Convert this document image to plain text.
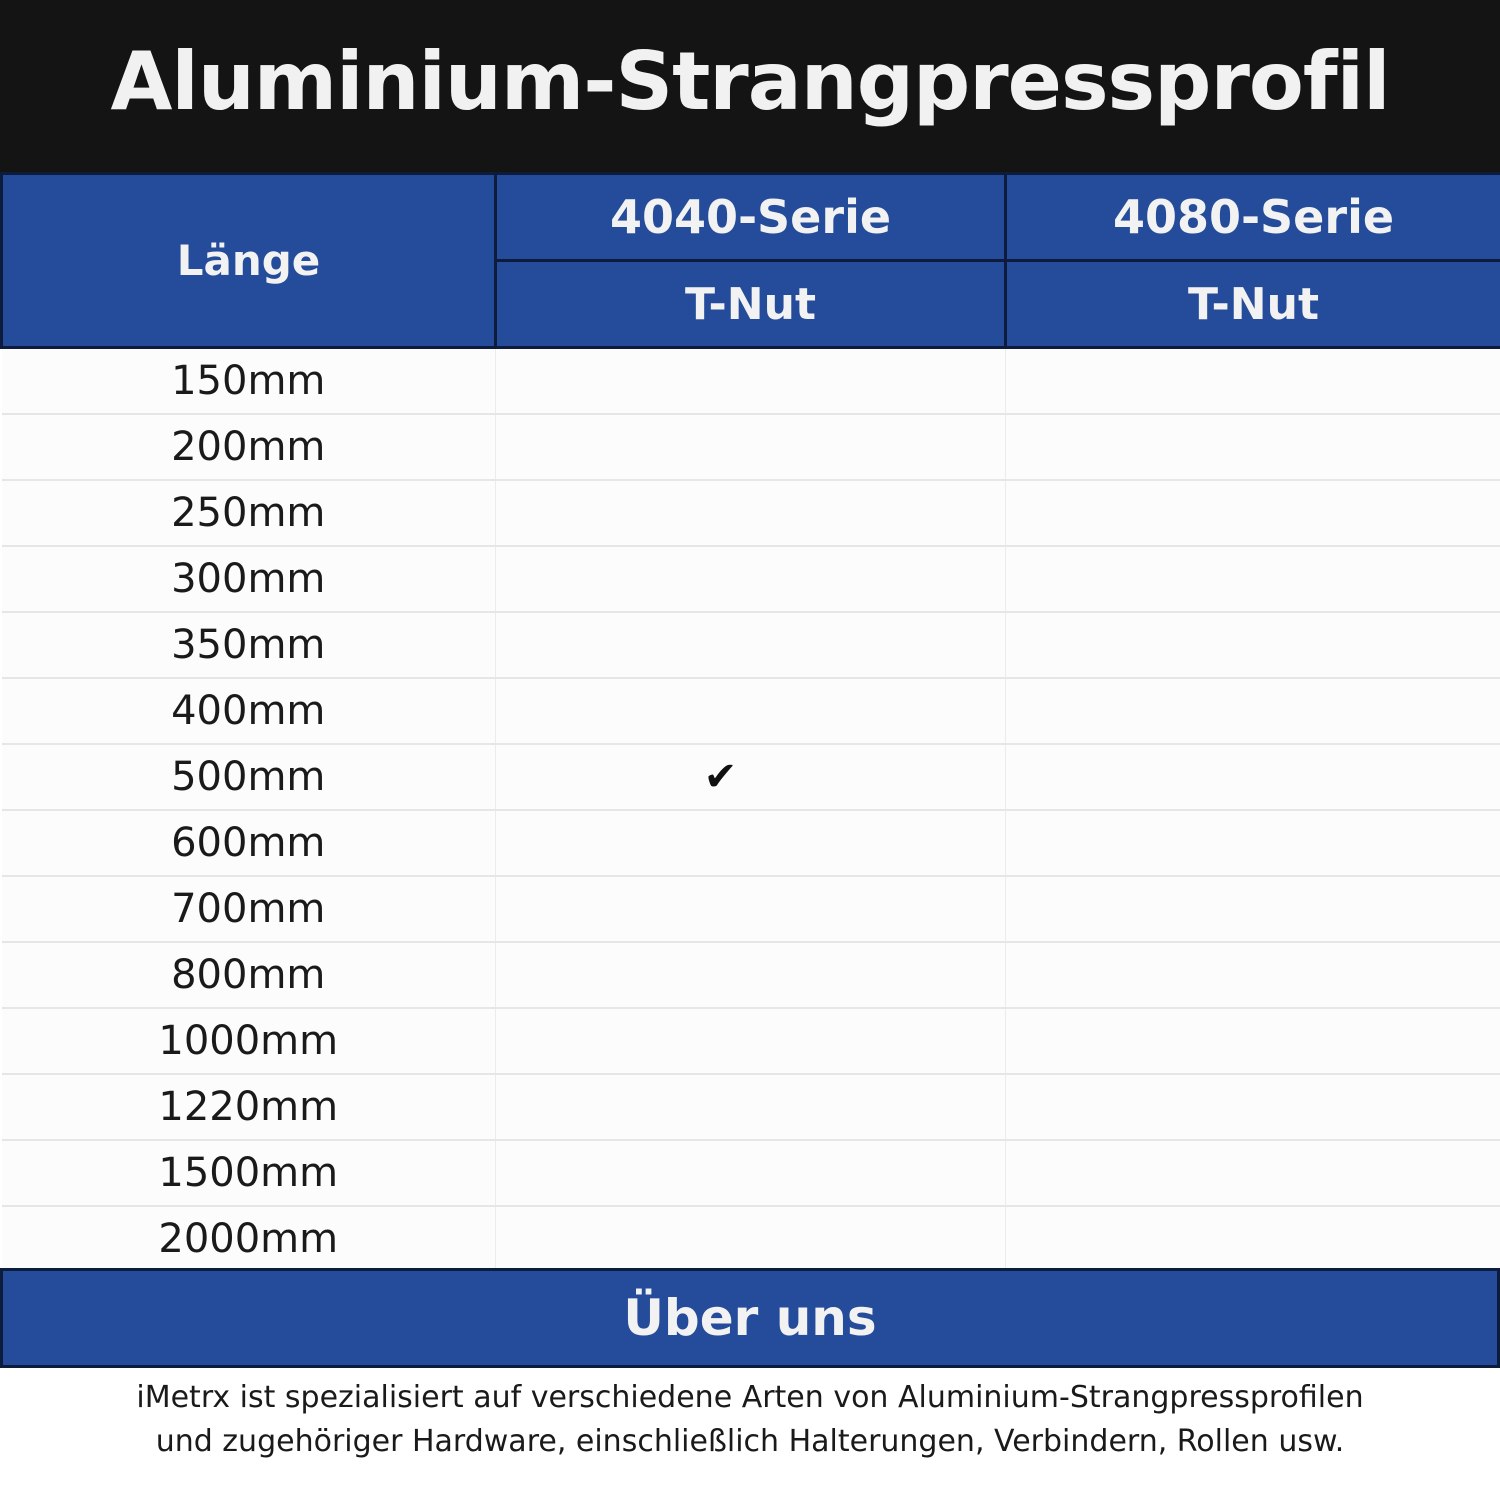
Aluminium-Strangpressprofil
Länge	4040-Serie	4080-Serie
	T-Nut	T-Nut
150mm		
200mm		
250mm		
300mm		
350mm		
400mm		
500mm	✔	
600mm		
700mm		
800mm		
1000mm		
1220mm		
1500mm		
2000mm		
Über uns
iMetrx ist spezialisiert auf verschiedene Arten von Aluminium-Strangpressprofilen
und zugehöriger Hardware, einschließlich Halterungen, Verbindern, Rollen usw.
